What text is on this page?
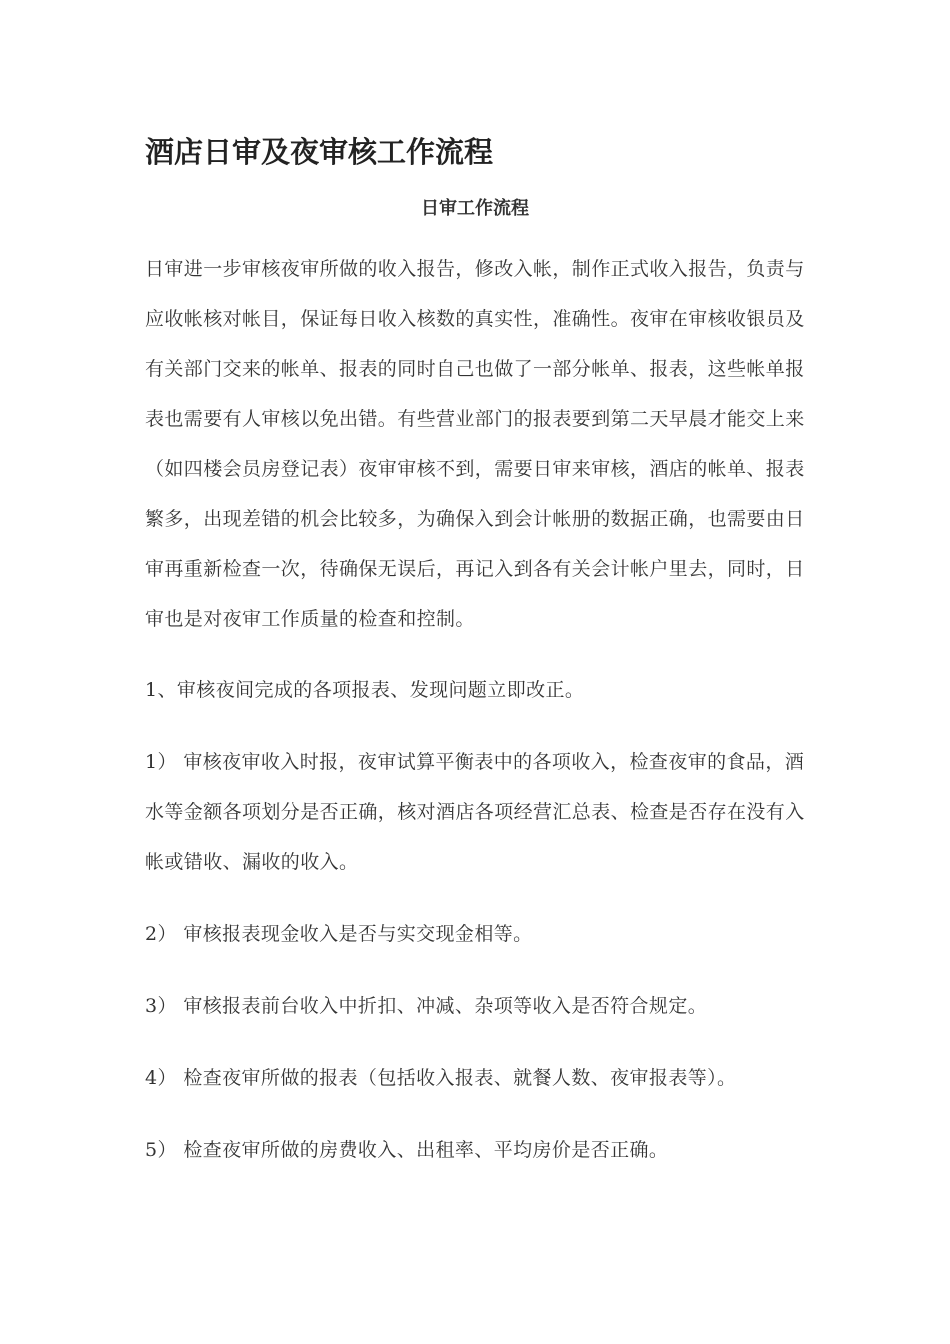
酒店日审及夜审核工作流程
日审工作流程
日审进一步审核夜审所做的收入报告，修改入帐，制作正式收入报告，负责与
应收帐核对帐目，保证每日收入核数的真实性，准确性。夜审在审核收银员及
有关部门交来的帐单、报表的同时自己也做了一部分帐单、报表，这些帐单报
表也需要有人审核以免出错。有些营业部门的报表要到第二天早晨才能交上来
（如四楼会员房登记表）夜审审核不到，需要日审来审核，酒店的帐单、报表
繁多，出现差错的机会比较多，为确保入到会计帐册的数据正确，也需要由日
审再重新检查一次，待确保无误后，再记入到各有关会计帐户里去，同时，日
审也是对夜审工作质量的检查和控制。
1、审核夜间完成的各项报表、发现问题立即改正。
1） 审核夜审收入时报，夜审试算平衡表中的各项收入，检查夜审的食品，酒
水等金额各项划分是否正确，核对酒店各项经营汇总表、检查是否存在没有入
帐或错收、漏收的收入。
2） 审核报表现金收入是否与实交现金相等。
3） 审核报表前台收入中折扣、冲减、杂项等收入是否符合规定。
4） 检查夜审所做的报表（包括收入报表、就餐人数、夜审报表等）。
5） 检查夜审所做的房费收入、出租率、平均房价是否正确。
